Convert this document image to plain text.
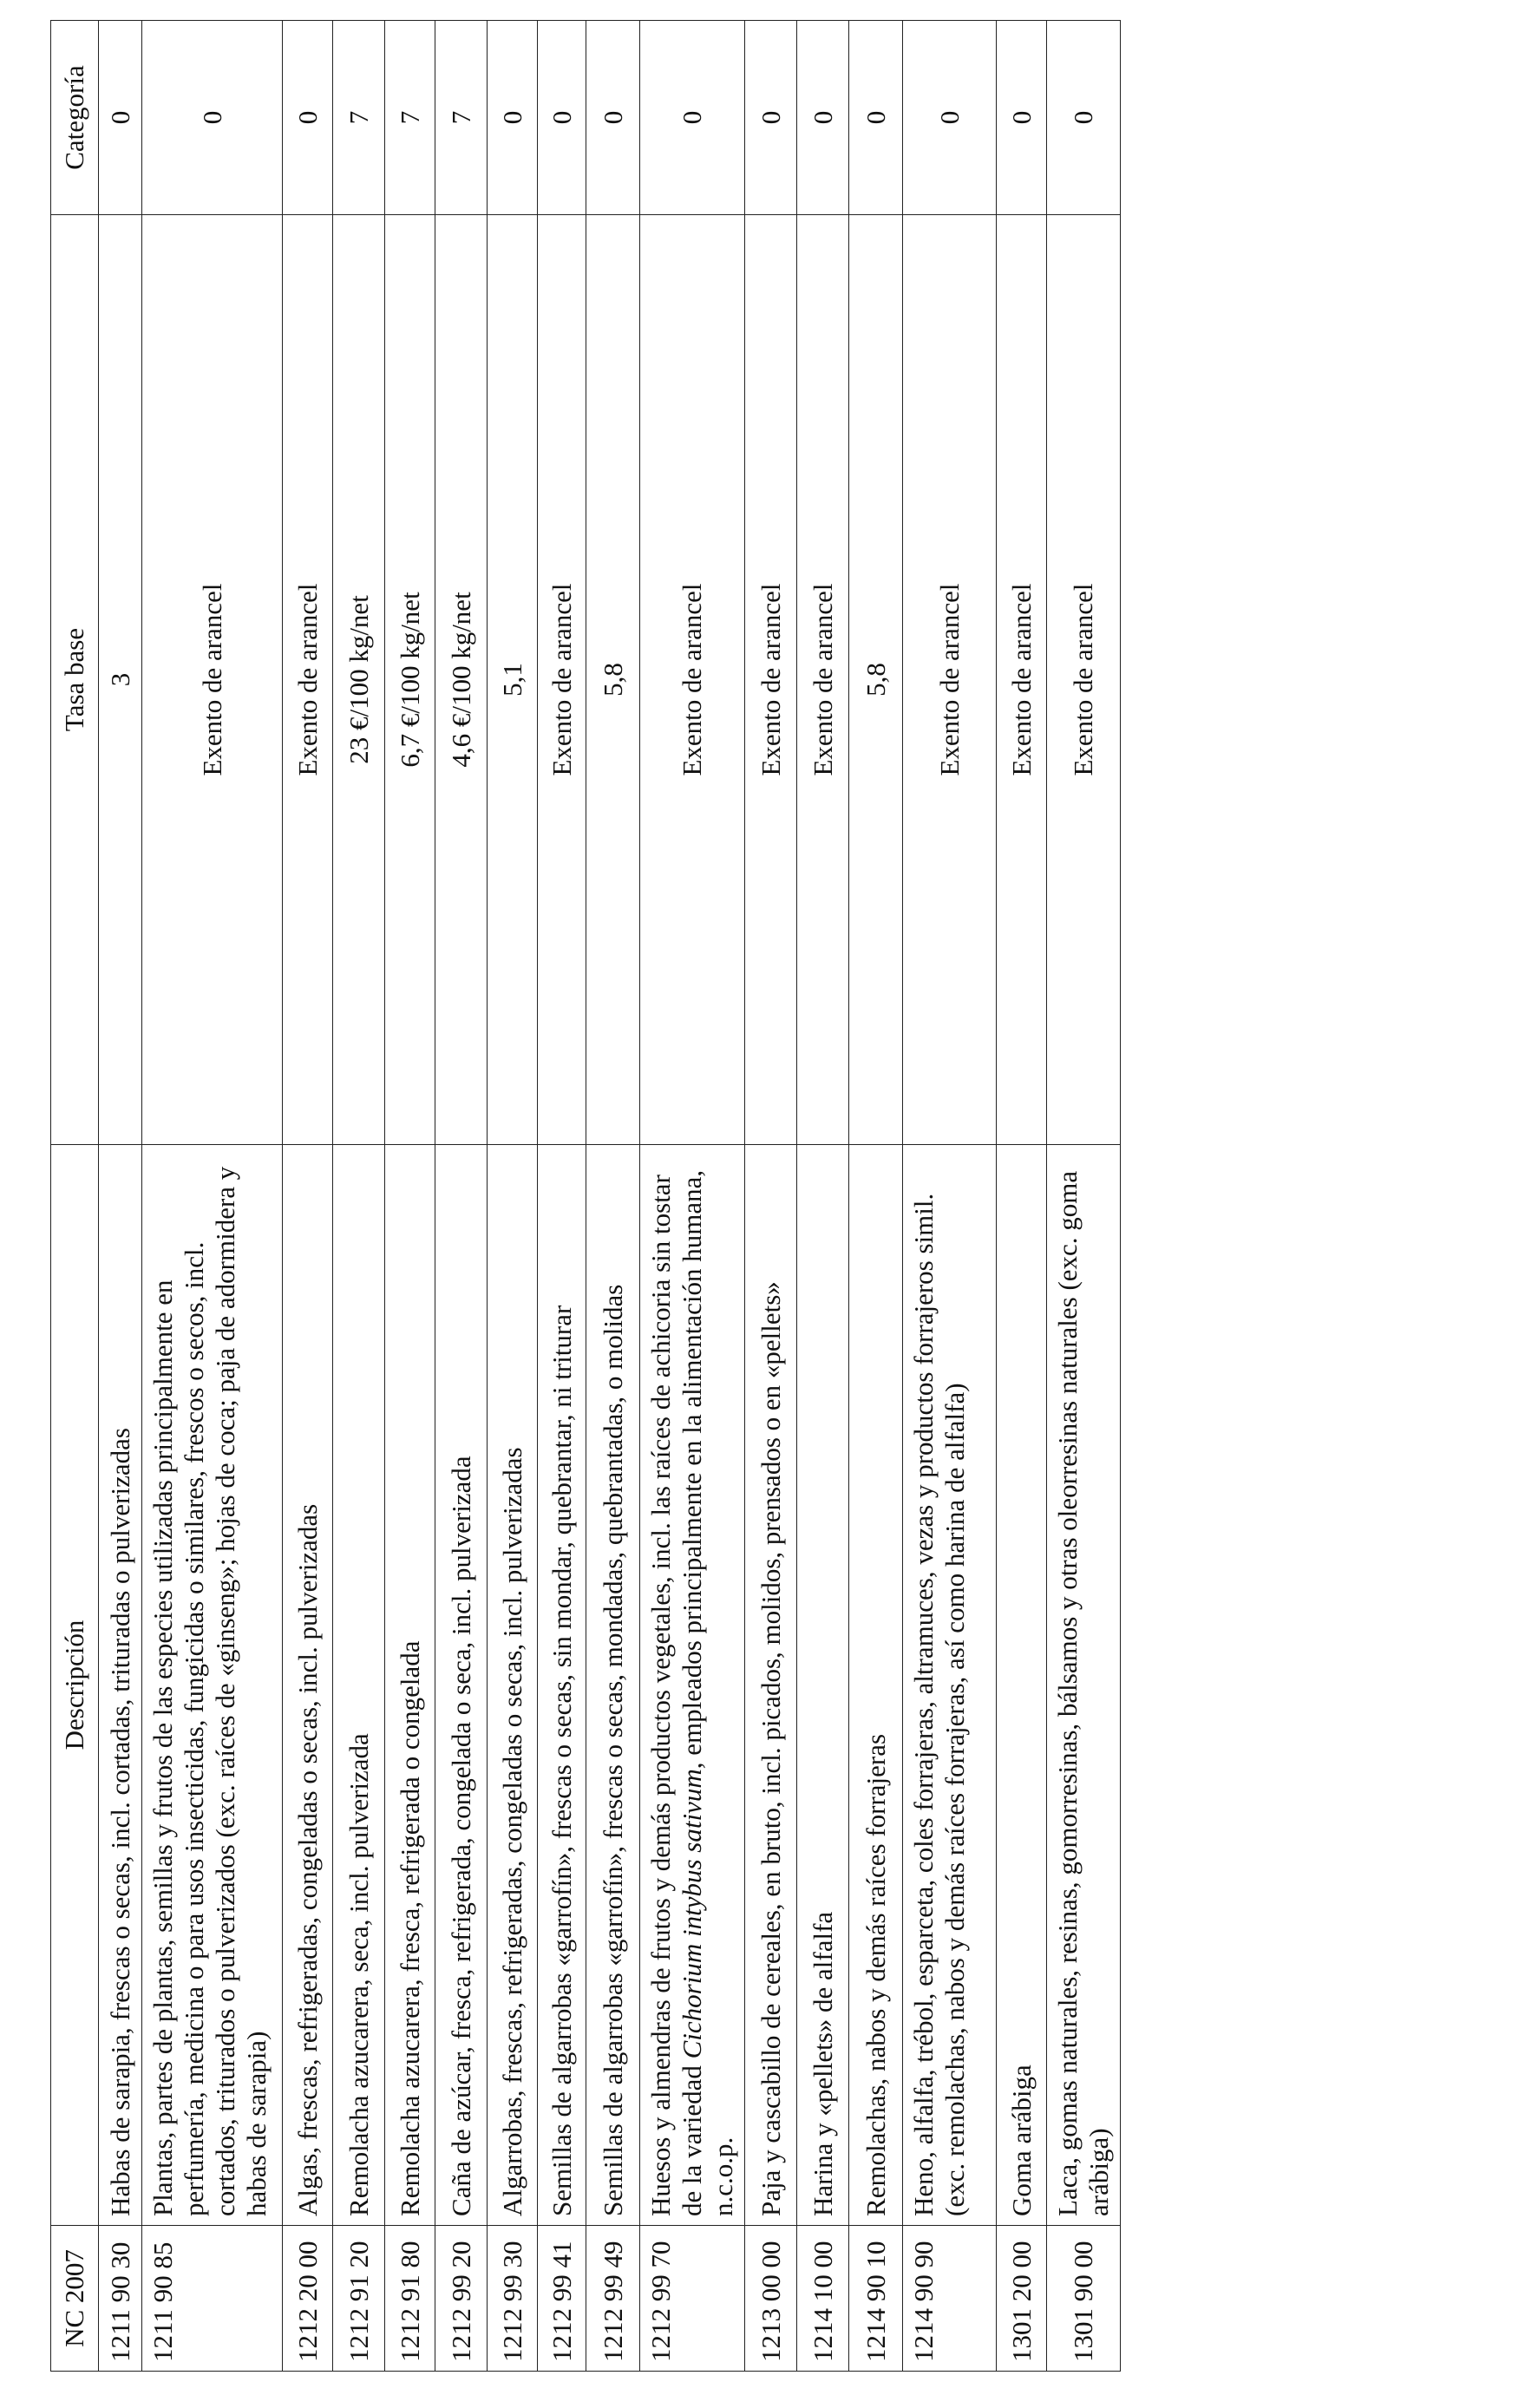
NC 2007	Descripción	Tasa base	Categoría
1211 90 30	Habas de sarapia, frescas o secas, incl. cortadas, trituradas o pulverizadas	3	0
1211 90 85	Plantas, partes de plantas, semillas y frutos de las especies utilizadas principalmente en perfumería, medicina o para usos insecticidas, fungicidas o similares, frescos o secos, incl. cortados, triturados o pulverizados (exc. raíces de «ginseng»; hojas de coca; paja de adormidera y habas de sarapia)	Exento de arancel	0
1212 20 00	Algas, frescas, refrigeradas, congeladas o secas, incl. pulverizadas	Exento de arancel	0
1212 91 20	Remolacha azucarera, seca, incl. pulverizada	23 €/100 kg/net	7
1212 91 80	Remolacha azucarera, fresca, refrigerada o congelada	6,7 €/100 kg/net	7
1212 99 20	Caña de azúcar, fresca, refrigerada, congelada o seca, incl. pulverizada	4,6 €/100 kg/net	7
1212 99 30	Algarrobas, frescas, refrigeradas, congeladas o secas, incl. pulverizadas	5,1	0
1212 99 41	Semillas de algarrobas «garrofín», frescas o secas, sin mondar, quebrantar, ni triturar	Exento de arancel	0
1212 99 49	Semillas de algarrobas «garrofín», frescas o secas, mondadas, quebrantadas, o molidas	5,8	0
1212 99 70	Huesos y almendras de frutos y demás productos vegetales, incl. las raíces de achicoria sin tostar de la variedad Cichorium intybus sativum, empleados principalmente en la alimentación humana, n.c.o.p.	Exento de arancel	0
1213 00 00	Paja y cascabillo de cereales, en bruto, incl. picados, molidos, prensados o en «pellets»	Exento de arancel	0
1214 10 00	Harina y «pellets» de alfalfa	Exento de arancel	0
1214 90 10	Remolachas, nabos y demás raíces forrajeras	5,8	0
1214 90 90	Heno, alfalfa, trébol, esparceta, coles forrajeras, altramuces, vezas y productos forrajeros simil. (exc. remolachas, nabos y demás raíces forrajeras, así como harina de alfalfa)	Exento de arancel	0
1301 20 00	Goma arábiga	Exento de arancel	0
1301 90 00	Laca, gomas naturales, resinas, gomorresinas, bálsamos y otras oleorresinas naturales (exc. goma arábiga)	Exento de arancel	0
